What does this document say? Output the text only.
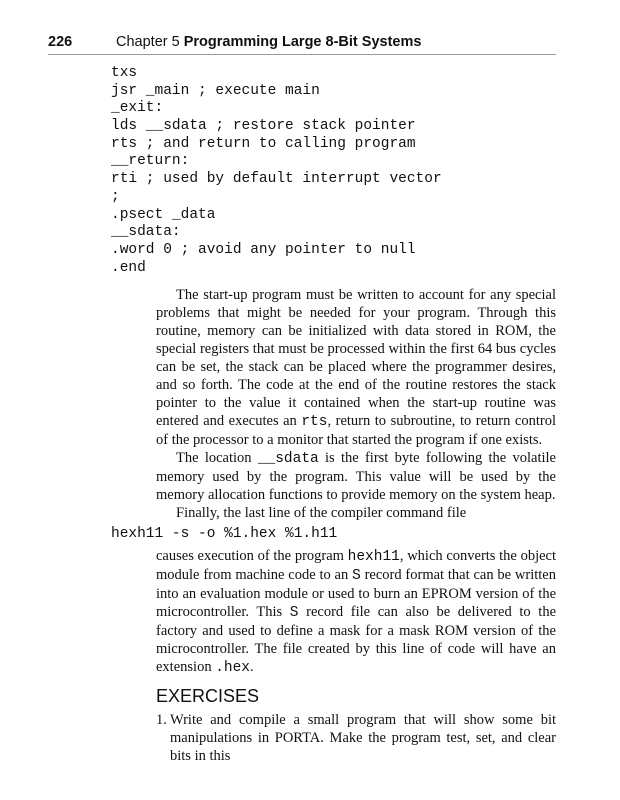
226	Chapter 5 Programming Large 8-Bit Systems
txs
jsr _main ; execute main
_exit:
lds __sdata ; restore stack pointer
rts ; and return to calling program
__return:
rti ; used by default interrupt vector
;
.psect _data
__sdata:
.word 0 ; avoid any pointer to null
.end

The start-up program must be written to account for any special problems that might be needed for your program. Through this routine, memory can be initialized with data stored in ROM, the special registers that must be processed within the first 64 bus cycles can be set, the stack can be placed where the programmer desires, and so forth. The code at the end of the routine restores the stack pointer to the value it contained when the start-up routine was entered and executes an rts, return to subroutine, to return control of the processor to a monitor that started the program if one exists.

The location __sdata is the first byte following the volatile memory used by the program. This value will be used by the memory allocation functions to provide memory on the system heap.

Finally, the last line of the compiler command file

hexh11 -s -o %1.hex %1.h11

causes execution of the program hexh11, which converts the object module from machine code to an S record format that can be written into an evaluation module or used to burn an EPROM version of the microcontroller. This S record file can also be delivered to the factory and used to define a mask for a mask ROM version of the microcontroller. The file created by this line of code will have an extension .hex.

EXERCISES
1. Write and compile a small program that will show some bit manipulations in PORTA. Make the program test, set, and clear bits in this
